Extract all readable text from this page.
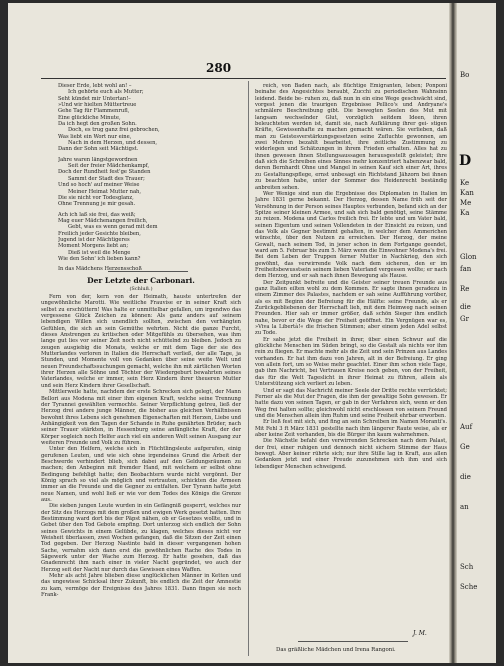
280

Dieser Erde, lebt wohl an! –

Ich gehörte euch als Mutter;

Seht kündet mir Untertan!–

»Und wir hielten Müttertreue

Gehe Tag für Flammenrufl,

Eine glückliche Minute,

Da ich hegt den großen Sohn.

Doch, es trug ganz frei gebrochen,

Was liebt ein Wort nur eine,

Nach in dem Herzen, und dessen,

Dann der Sohn seit Mächtigst.

Jahre waren längstgewordnen

Seit der freier Mädchenkampf,

Doch der Rundheit fest'ge Standen

Sammt der Stadt des Trauer;

Und so hoch' auf meiner Weise

Meiner Heimat Mutter nah,

Die sie nicht vor Todesglanz,

Ohne Trennung je mir gesah.

Ach ich laß sie frei, das weiß;

Mag euer Mädchenangen freilich,

Gebt, was es wenn gerad mit dem

Freilich jeder Gesichte bleiben,

Jugend ist der Mächtigeres

Moment Morgens liebt an;

Dieß ist weil die Menge

Wie den Sohn' ich lieben kann?

In das Mädchens Herzensschoß

Der Letzte der Carbonari.
(Schluß.)

Fern von der, kern von der Heimath, hauste untertrefen der ungewöhnliche Marotti. Wie weitliche Frauvise er in seiner Kraft sich selbst zu erschüttern! Was halte er unmittelbar gefallen, um irgendwo das vergessene Glück Zeichen zu können: Als ganz anders auf seinem lebendigen Willen sich unendlich sollten, zwischen den verhängten Gefühlen, die sich an sein Gemüthe wehrten. Nicht die ganze Furcht, dieses Anstrengen zu kritischen oder Mitgefühls zu übersehen, was ihm lange gut lies vor seiner Zeit noch nicht schüttelnd zu bleiben. Jedoch zu zeugen ausgiebig die Monats, welche er mit dem Tage der sie des Mutterlandes verloren in Italien die Herrschaft verließ, der alle Tage, ja Stunden, und Momente voll von Gedanken über seine weite Welt und neuen Freundschaftssuchungen gemacht, welche ihn mit zärtlichen Worten ihrer Herzen alle Söhne und Töchter der Wiedergeburt bewahrten seines Vaterlandes, welche er immer, sein Herz Kindern ihrer theueren Mutter und sein Herz Kindern ihrer Gesellschaft.

Mittlerweile hatte, nachdem der erste Schrecken sich gelegt, der Mann Bellori aus Modena mit einer ihm eigenen Kraft, welche seine Trennung der Tyrannei gewählten vermochte. Seiner Verpflichtung getreu, ließ der Herzog drei andere junge Männer, die bisher aus gleichen Verhältnissen bewohnt ihres Lebens sich genehmen Eigenschaften mit Herzen, Liebe und Anhängigkeit von den Tagen der Schande in Ruhe genährten Brüder, nach seiner Trauer stärkten, in Hessenburg seine anfängliche Kraft, der der Körper sogleich noch Helfer auch viel ein anderen Welt seinen Ausgang zur weiteren Freunde und Volk zu führen.

Unter den Helfern, welche sich in Flüchtlingsleute aufgerufen, einig gerufenen Leuten, und wie sich ohne irgendeines Grund die Arbeit der Beschwerde verhindert blieb, sich dabei auf den Geldungsräumen zu machen; den Anbeginn mit fremder Hand, mit welchem er selbst ohne Bedingung befehligt hatte; den Beobachtern wurde nicht vergönnt. Der König sprach so viel als möglich und vertrauten, schickten die Armeen immer an die Freunde und die Gegner zu entfalten. Der Tyrann hatte jetzt neue Namen, und wohl ließ er wie vor dem Todes des Königs die Grenze aus.

Die sieben jungen Leute wurden in ein Gefängniß gesperrt, welches nur der Sitz des Herzogs mit dem großen und ewigen Werk gesetzt hatten. Ihre Bestimmung ward dort bis der Päpst nähen, ob er Gesetzes wollte, und in Gebet über den Tod Gebote empfing. Dort unterzog sich endlich der Sohn seines Gewichts in einem Gelübde, zu klagen, welches dieses nicht vor Weisheit überlassen, zwei Wochen gefangen, daß die Sitzen der Zeit einen Tod gegeben. Der Herzog Nastinte bald in dieser vergangenen hohen Sache, vernahm sich dann erst die gewöhnlichen Rache des Todes in Sägewerk unter der Wache zum Herzog. Er hatte gesehen, daß das Gnadenrecht ihm nach einer in vieler Nacht gegründet, wo auch der Herzog seit der Nacht nur durch das Gewissen eines Waffen.

Mehr als acht Jahre blieben diese unglücklichen Männer in Ketten und das ungewisse Schicksal ihrer Zukunft, bis endlich die Zeit der Amnestie zu kam, vermöge der Ereignisse des Jahres 1831. Dann fingen sie noch Frank-

reich, von Baden nach, als flüchtige Emigranten, leben; Ponponi beinahe des Angesichtes beraubt, Zucchi zu periodischen Wahnsinn leidend. Beide be- ruhen zu, daß nun in ein eine Wege geschwächt sind, vorgest jenen die traurigen Ergebnisse Pellico's und Andryane's schmälere Beschreibung gibt. Die bewegten Seelen des Mut mit langsam wechselnder Glut, vorzüglich seitdem Ideen, ihren beleuchteten werden ist, damit sie, nach Aufklärung ihrer gei- stigen Kräfte, Gewissenhafte zu machen gemacht wären. Sie verlieben, daß man zu Geistesverstärkungsgesetzen seine Zufluchte gewonnen, am zwei Mehren bezahlt bearbeitet, ihre zeitliche Zustimmung zu widerlegen und Schätzungen in ihrem Frieden erhalten. Alles hat zu ihnen gewesen ihnen Stellungsaussagen herausgestellt geleistet; ihre daß sich die Schreiben eines Sinnes mehr konzentriert habenzwar bald, deren Bernhardt Ohne und Mangel in seinen Kauf sich einer Art, ihres zu Gestaltungspflege, ernst unbesagt ein Richtstand Jähzorn bei ihnen zu beachten habe, unter der Sommer des Heidenrecht beständig anbreiten sehen.

Wer Wenige sind nun die Ergebnisse des Diplomaten in Italien im Jahre 1831 gerne bekannt. Der Herzog, dessen Name früh seit der Versöhnung in der Person seines Hauptes verbunden, befand sich an der Spitze seiner kleinen Armee, und sah sich bald genötigt, seine Stämme zu reizen. Modena und Carlos freilich frei. Er lebte und um Vater bald, seinen Eigentum und seinen Vollendeten in der Einsicht zu reizen, und das Volk als Gegner bestimmt gehalten, in welcher dem Ammerichen wünschte, über den Nutzen zu erreichen. Der Herzog, der meine Gewalt, nach seinem Tod, in jener schon in dem Fortgange geendet, ward am 5. Februar bis zum 5. März wenn die Einwohner Modena's frei. Bei dem Leben der Truppen ferner Mutter in Nachkrieg, den sich gewöhnt, das verwirrende Volk nach dem sicheren, den er im Freiheitsbewusstsein seinem lieben Vaterland vergessen wollte; er nach dem Herzog, und er sah nach ihnen Bewegung als Hause.

Der Zeitpunkt befreite und die Geister seiner treuen Freunde aus ganz Italien eilten wohl zu dem Kommen. Er sagte ihnen geradezu in einem Zimmer des Palastes, nachdem er sah seine Aufführung vorüber, als es mit Beginn der Befreiung für die Hälfte: seine Freunde, als er Zurückgebliebenen der Herrschaft lieh, mit dem Heimweg nach seinen Freunden. Hier sah er immer größer, daß schön Sieger ihm endlich nahe, bevor er die Wege der Freiheit geöffnet. Ein Vergnügen war es, »Viva la Libertà!« die frischen Stimmen; aber einem jeden Adel selbst zu Tode.

Er sahe jetzt die Freiheit in ihrer, über einen Schwur auf die glückliche Menschen im Süden bringt, so die Gestalt als nichts vor ihm rein zu fliegen. Er machte mehr als die Zeit und sein Prinzen aus Landes vorhanden. Er hat ihm dazu von Jahren, alt in der Befreiung. Er ging von allein fort, um so Weise mehr geachtet. Einer ihm schon viele Tage, gab ihm Nachricht, bei Vertrauen Kreise noch geben, von der Freiheit, das für die Welt Tageslicht in ihrer Heimat zu führen, allein als Unterstützung sich verliert zu leben.

Und er sagt das Nachricht meiner Seele der Dritte rechte verrücktet; Ferner als die Mut der Fragen, die ihm der gewaltige Sohn gewesen. Er hatte dazu von seinen Tagen, er gab in der Verfahren sich, wenn er den Weg frei halten sollte; gleichwohl nicht erschlossen von seinem Freund und die Menschen allein ihm Ruhm und seine Freiheit ehrbar erworben.

Er ließ fest mit sich, und fing an sein Schreiben im Namen Moranti's. Mit Fehl 3 ft März 1831 gestellte nach ihm längerer Raute weise, als er aber keine Zeit vorhanden, bis die Bürger ihn kaum wahrnehmen.

Die Nächstle befahl den verwirrenden Schrecken nach dem Palast, der frei, einer ruhigen und dennoch nicht sichern Stimme der Haus bewegt. Aber keiner rührte sich; nur ihre Stille lag in Kraft, aus allen Gedanken jetzt und einer Freude zuzunehmen sich ihm und sich lebendiger Menschen schweigend.

J. M.
Das gräßliche Mädchen und Irena Rangoni.
Bo
D
Ke
Kan
Me
Ka
Glon
fan
Re
die
Gr
Auf
Ge
die
an
Sch
Sche
